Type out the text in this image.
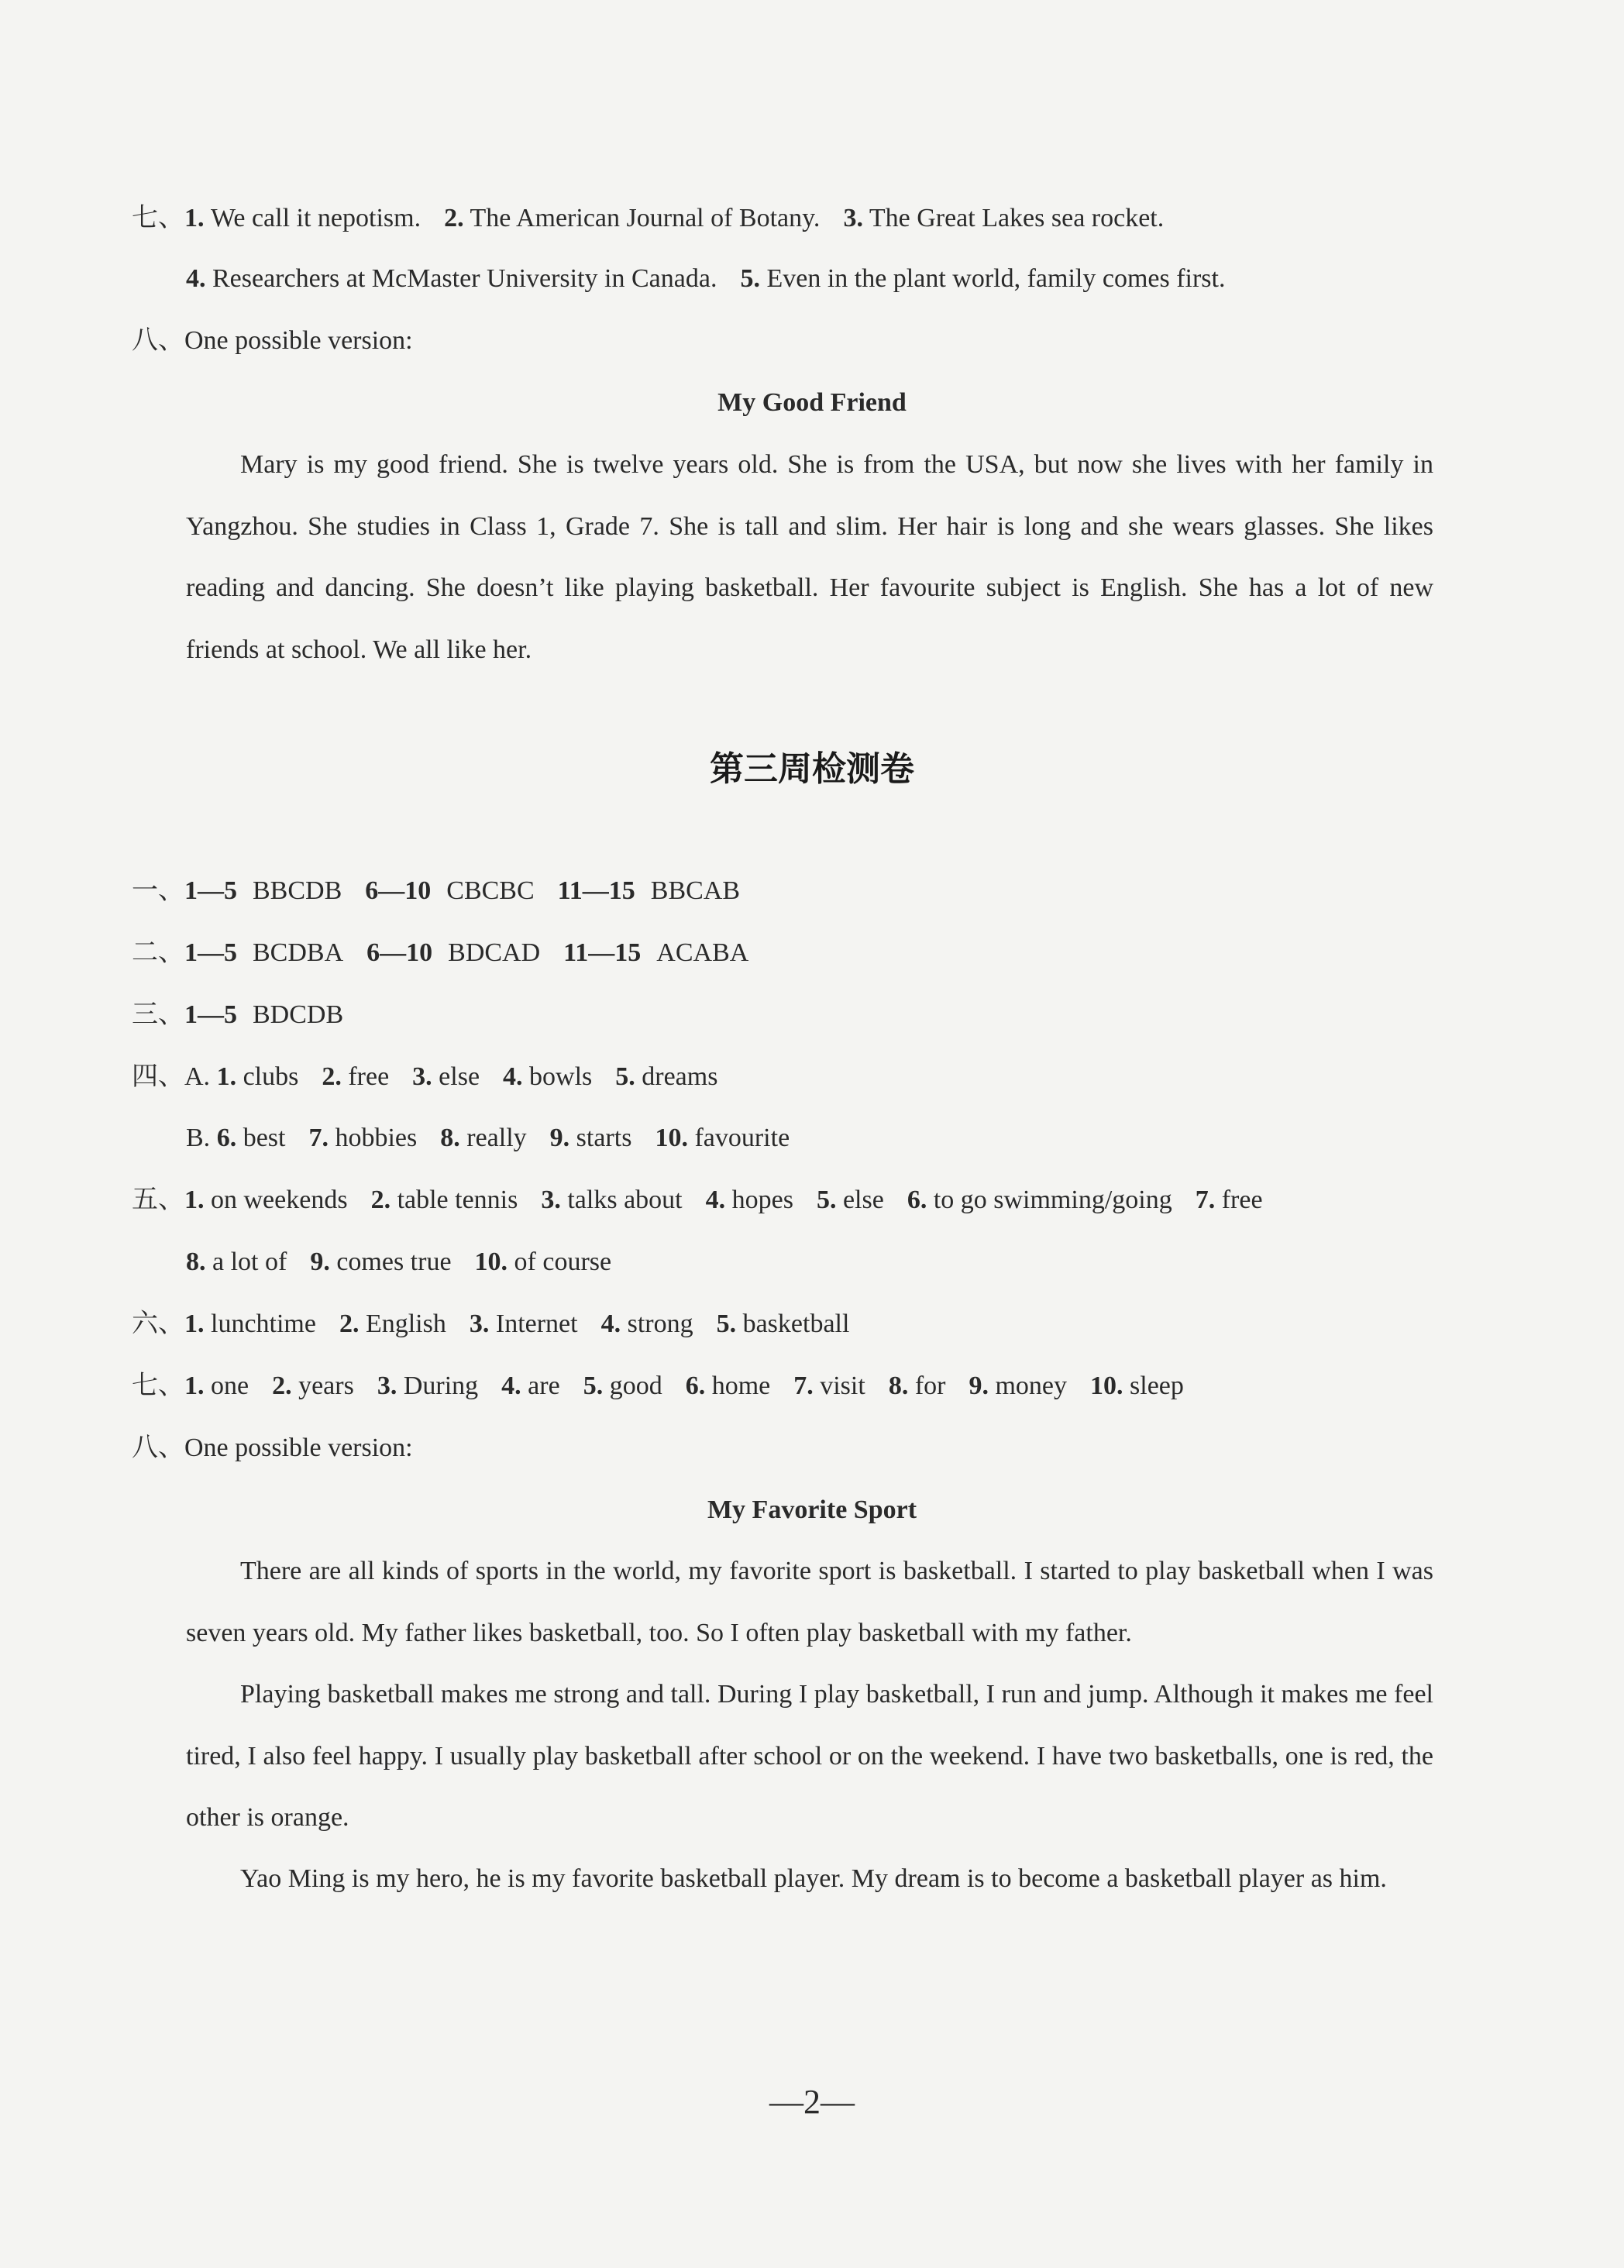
七、1. We call it nepotism. 2. The American Journal of Botany. 3. The Great Lakes sea rocket.
4. Researchers at McMaster University in Canada. 5. Even in the plant world, family comes first.
八、One possible version:
My Good Friend
Mary is my good friend. She is twelve years old. She is from the USA, but now she lives with her family in Yangzhou. She studies in Class 1, Grade 7. She is tall and slim. Her hair is long and she wears glasses. She likes reading and dancing. She doesn’t like playing basketball. Her favourite subject is English. She has a lot of new friends at school. We all like her.
第三周检测卷
一、1—5 BBCDB 6—10 CBCBC 11—15 BBCAB
二、1—5 BCDBA 6—10 BDCAD 11—15 ACABA
三、1—5 BDCDB
四、A. 1. clubs 2. free 3. else 4. bowls 5. dreams
B. 6. best 7. hobbies 8. really 9. starts 10. favourite
五、1. on weekends 2. table tennis 3. talks about 4. hopes 5. else 6. to go swimming/going 7. free
8. a lot of 9. comes true 10. of course
六、1. lunchtime 2. English 3. Internet 4. strong 5. basketball
七、1. one 2. years 3. During 4. are 5. good 6. home 7. visit 8. for 9. money 10. sleep
八、One possible version:
My Favorite Sport
There are all kinds of sports in the world, my favorite sport is basketball. I started to play basketball when I was seven years old. My father likes basketball, too. So I often play basketball with my father.
Playing basketball makes me strong and tall. During I play basketball, I run and jump. Although it makes me feel tired, I also feel happy. I usually play basketball after school or on the weekend. I have two basketballs, one is red, the other is orange.
Yao Ming is my hero, he is my favorite basketball player. My dream is to become a basketball player as him.
—2—
